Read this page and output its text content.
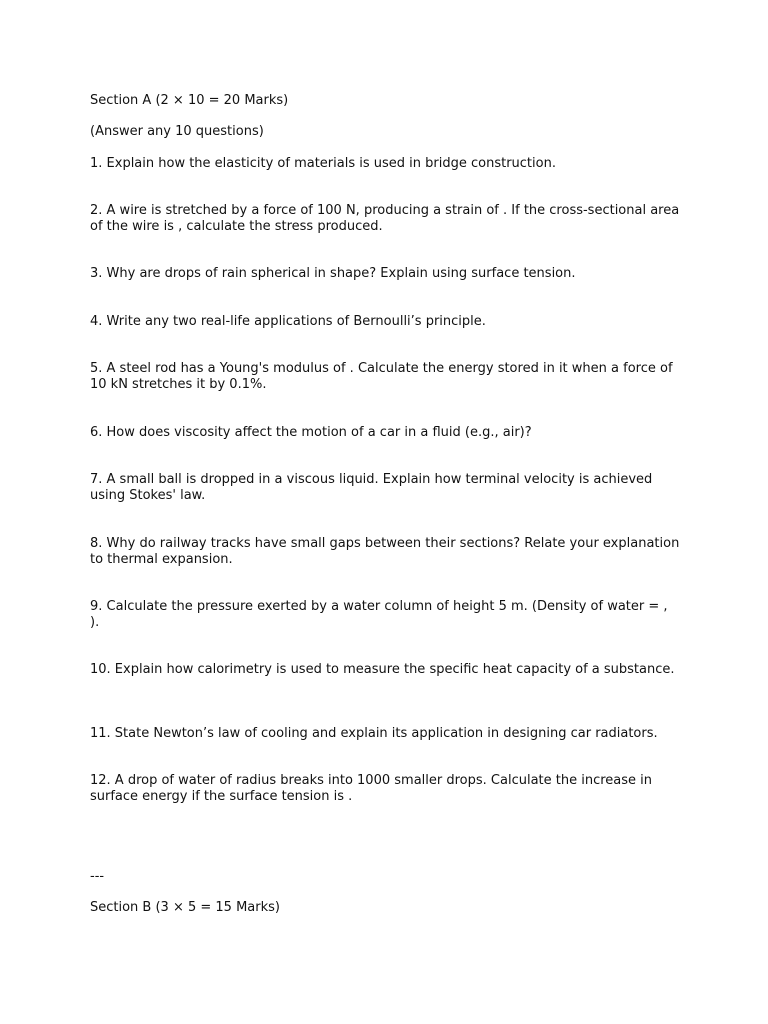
Section A (2 × 10 = 20 Marks)

(Answer any 10 questions)

1. Explain how the elasticity of materials is used in bridge construction.

2. A wire is stretched by a force of 100 N, producing a strain of . If the cross-sectional area of the wire is , calculate the stress produced.

3. Why are drops of rain spherical in shape? Explain using surface tension.

4. Write any two real-life applications of Bernoulli’s principle.

5. A steel rod has a Young's modulus of . Calculate the energy stored in it when a force of 10 kN stretches it by 0.1%.

6. How does viscosity affect the motion of a car in a fluid (e.g., air)?

7. A small ball is dropped in a viscous liquid. Explain how terminal velocity is achieved using Stokes' law.

8. Why do railway tracks have small gaps between their sections? Relate your explanation to thermal expansion.

9. Calculate the pressure exerted by a water column of height 5 m. (Density of water = , ).

10. Explain how calorimetry is used to measure the specific heat capacity of a substance.

11. State Newton’s law of cooling and explain its application in designing car radiators.

12. A drop of water of radius breaks into 1000 smaller drops. Calculate the increase in surface energy if the surface tension is .

---

Section B (3 × 5 = 15 Marks)
